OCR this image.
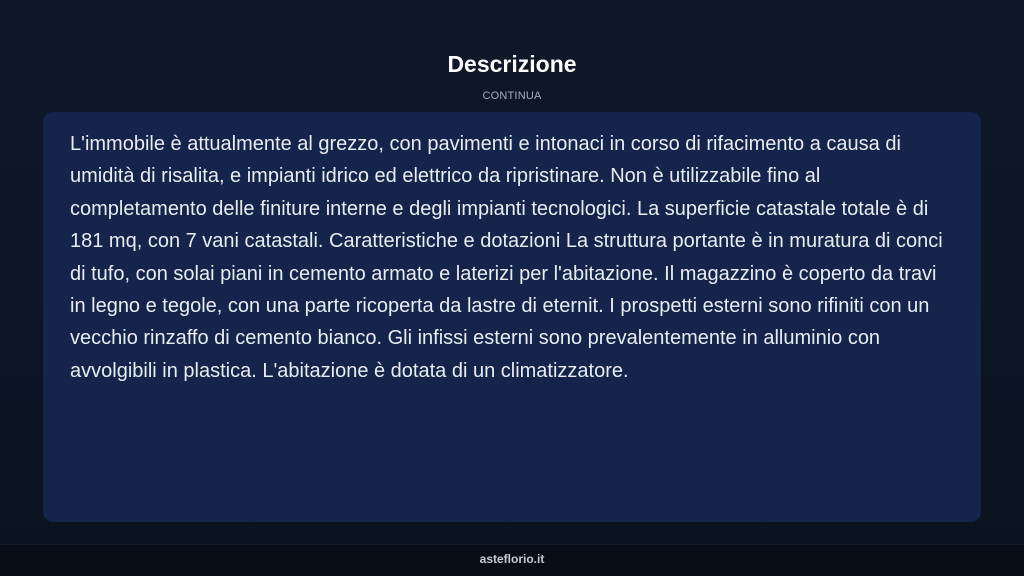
Descrizione
CONTINUA

L'immobile è attualmente al grezzo, con pavimenti e intonaci in corso di rifacimento a causa di umidità di risalita, e impianti idrico ed elettrico da ripristinare. Non è utilizzabile fino al completamento delle finiture interne e degli impianti tecnologici. La superficie catastale totale è di 181 mq, con 7 vani catastali. Caratteristiche e dotazioni La struttura portante è in muratura di conci di tufo, con solai piani in cemento armato e laterizi per l'abitazione. Il magazzino è coperto da travi in legno e tegole, con una parte ricoperta da lastre di eternit. I prospetti esterni sono rifiniti con un vecchio rinzaffo di cemento bianco. Gli infissi esterni sono prevalentemente in alluminio con avvolgibili in plastica. L'abitazione è dotata di un climatizzatore.

asteflorio.it
